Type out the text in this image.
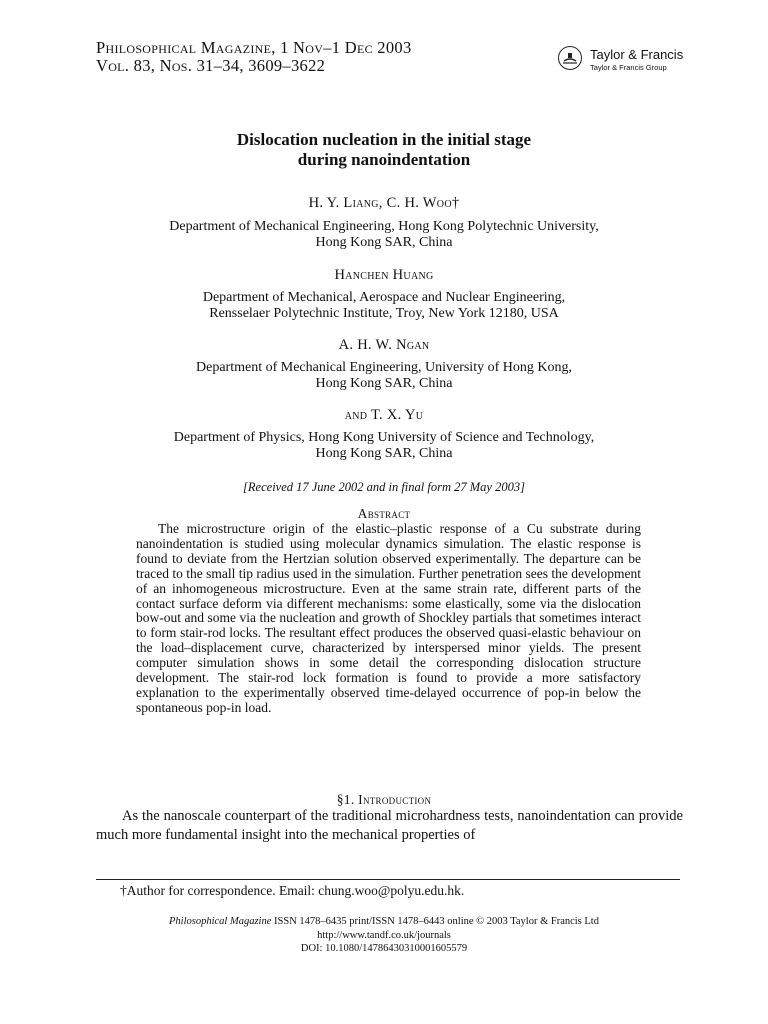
Philosophical Magazine, 1 Nov–1 Dec 2003
Vol. 83, Nos. 31–34, 3609–3622
Taylor & Francis
Taylor & Francis Group
Dislocation nucleation in the initial stage
during nanoindentation
H. Y. Liang, C. H. Woo†
Department of Mechanical Engineering, Hong Kong Polytechnic University,
Hong Kong SAR, China
Hanchen Huang
Department of Mechanical, Aerospace and Nuclear Engineering,
Rensselaer Polytechnic Institute, Troy, New York 12180, USA
A. H. W. Ngan
Department of Mechanical Engineering, University of Hong Kong,
Hong Kong SAR, China
and T. X. Yu
Department of Physics, Hong Kong University of Science and Technology,
Hong Kong SAR, China
[Received 17 June 2002 and in final form 27 May 2003]
Abstract
The microstructure origin of the elastic–plastic response of a Cu substrate during nanoindentation is studied using molecular dynamics simulation. The elastic response is found to deviate from the Hertzian solution observed experimentally. The departure can be traced to the small tip radius used in the simulation. Further penetration sees the development of an inhomogeneous microstructure. Even at the same strain rate, different parts of the contact surface deform via different mechanisms: some elastically, some via the dislocation bow-out and some via the nucleation and growth of Shockley partials that sometimes interact to form stair-rod locks. The resultant effect produces the observed quasi-elastic behaviour on the load–displacement curve, characterized by interspersed minor yields. The present computer simulation shows in some detail the corresponding dislocation structure development. The stair-rod lock formation is found to provide a more satisfactory explanation to the experimentally observed time-delayed occurrence of pop-in below the spontaneous pop-in load.
§1. Introduction
As the nanoscale counterpart of the traditional microhardness tests, nanoindentation can provide much more fundamental insight into the mechanical properties of
†Author for correspondence. Email: chung.woo@polyu.edu.hk.
Philosophical Magazine ISSN 1478–6435 print/ISSN 1478–6443 online © 2003 Taylor & Francis Ltd
http://www.tandf.co.uk/journals
DOI: 10.1080/14786430310001605579
